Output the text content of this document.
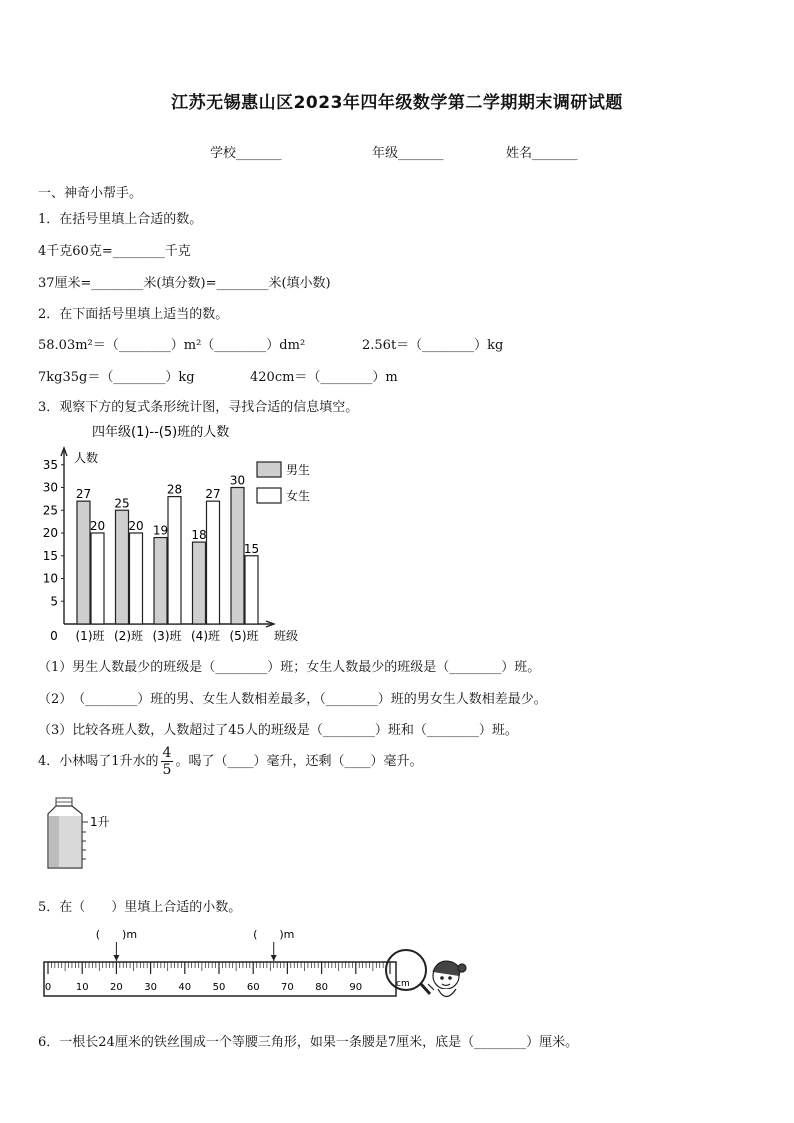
江苏无锡惠山区2023年四年级数学第二学期期末调研试题
学校_______	年级_______	姓名_______
一、神奇小帮手。
1．在括号里填上合适的数。
4千克60克=________千克
37厘米=________米(填分数)=________米(填小数)
2．在下面括号里填上适当的数。
58.03m²＝（________）m²（________）dm²	2.56t＝（________）kg
7kg35g＝（________）kg	420cm＝（________）m
3．观察下方的复式条形统计图，寻找合适的信息填空。
四年级(1)--(5)班的人数
人数
5
10
15
20
25
30
35
0 (1)班 (2)班 (3)班 (4)班 (5)班 班级
27
20
25
20 19
28
18
27
30
15
男生
女生
（1）男生人数最少的班级是（________）班；女生人数最少的班级是（________）班。
（2）　（________）班的男、女生人数相差最多，（________）班的男女生人数相差最少。
（3）比较各班人数，人数超过了45人的班级是（________）班和（________）班。
4．小林喝了1升水的 $\frac{4}{5}$ 。喝了（____）毫升，还剩（____）毫升。
1升
5．在（　　）里填上合适的小数。
0 10 20 30 40 50 60 70 80 90
(　　)m	(　　)m
cm
6．一根长24厘米的铁丝围成一个等腰三角形，如果一条腰是7厘米，底是（________）厘米。
